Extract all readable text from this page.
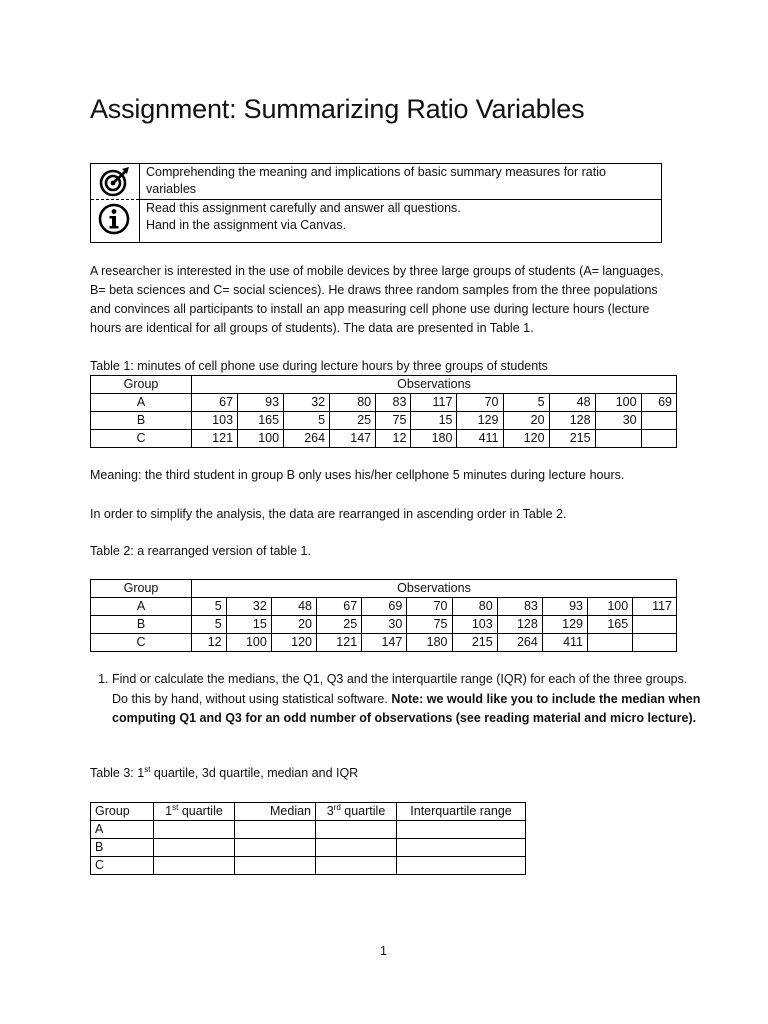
Assignment: Summarizing Ratio Variables
Comprehending the meaning and implications of basic summary measures for ratio variables
Read this assignment carefully and answer all questions.
Hand in the assignment via Canvas.

A researcher is interested in the use of mobile devices by three large groups of students (A= languages, B= beta sciences and C= social sciences). He draws three random samples from the three populations and convinces all participants to install an app measuring cell phone use during lecture hours (lecture hours are identical for all groups of students). The data are presented in Table 1.

Table 1: minutes of cell phone use during lecture hours by three groups of students

Group	Observations										
A	67	93	32	80	83	117	70	5	48	100	69
B	103	165	5	25	75	15	129	20	128	30	
C	121	100	264	147	12	180	411	120	215		

Meaning: the third student in group B only uses his/her cellphone 5 minutes during lecture hours.

In order to simplify the analysis, the data are rearranged in ascending order in Table 2.

Table 2: a rearranged version of table 1.

Group	Observations										
A	5	32	48	67	69	70	80	83	93	100	117
B	5	15	20	25	30	75	103	128	129	165	
C	12	100	120	121	147	180	215	264	411		
1. Find or calculate the medians, the Q1, Q3 and the interquartile range (IQR) for each of the three groups. Do this by hand, without using statistical software. Note: we would like you to include the median when computing Q1 and Q3 for an odd number of observations (see reading material and micro lecture).

Table 3: 1st quartile, 3d quartile, median and IQR

Group	1st quartile	Median	3rd quartile	Interquartile range
A				
B				
C				
1
